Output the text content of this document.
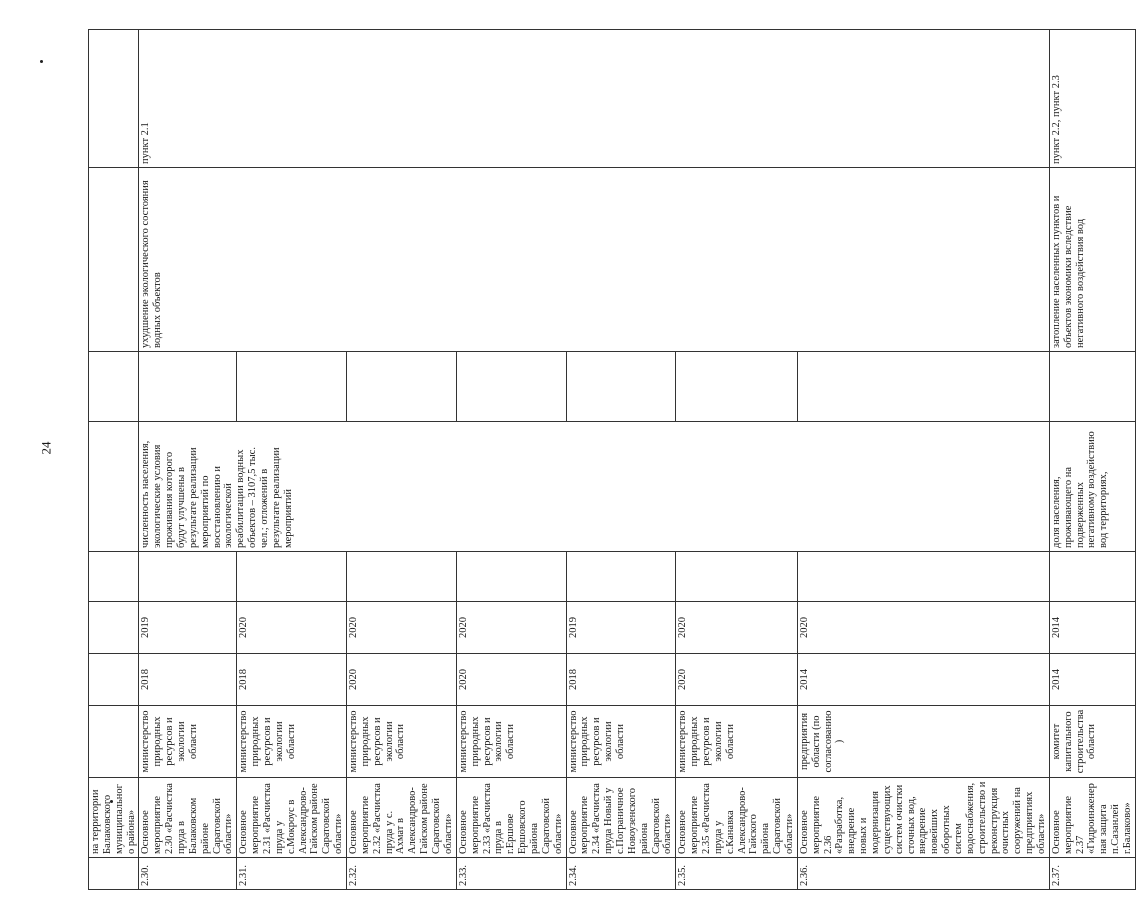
24
	на территории Балаковского муниципального района»								
2.30.	Основное мероприятие 2.30 «Расчистка пруда в Балаковском районе Саратовской области»	министерство природных ресурсов и экологии области	2018	2019		численность населения, экологические условия проживания которого будут улучшены в результате реализации мероприятий по восстановлению и экологической реабилитации водных объектов – 3107,5 тыс. чел.; отложений в результате реализации мероприятий		ухудшение экологического состояния водных объектов	пункт 2.1
2.31.	Основное мероприятие 2.31 «Расчистка пруда у с.Мокроус в Александрово-Гайском районе Саратовской области»	министерство природных ресурсов и экологии области	2018	2020					
2.32.	Основное мероприятие 2.32 «Расчистка пруда у с. Ахмат в Александрово-Гайском районе Саратовской области»	министерство природных ресурсов и экологии области	2020	2020					
2.33.	Основное мероприятие 2.33 «Расчистка пруда в г.Ершове Ершовского района Саратовской области»	министерство природных ресурсов и экологии области	2020	2020					
2.34.	Основное мероприятие 2.34 «Расчистка пруда Новый у с.Пограничное Новоузенского района Саратовской области»	министерство природных ресурсов и экологии области	2018	2019					
2.35.	Основное мероприятие 2.35 «Расчистка пруда у с.Канавка Александрово-Гайского района Саратовской области»	министерство природных ресурсов и экологии области	2020	2020					
2.36.	Основное мероприятие 2.36 «Разработка, внедрение новых и модернизация существующих систем очистки сточных вод, внедрение новейших оборотных систем водоснабжения, строительство и реконструкция очистных сооружений на предприятиях области»	предприятия области (по согласованию)	2014	2020					
2.37.	Основное мероприятие 2.37 «Гидроинженерная защита п.Сазанлей г.Балаково»	комитет капитального строительства области	2014	2014		доля населения, проживающего на подверженных негативному воздействию вод территориях,		затопление населенных пунктов и объектов экономики вследствие негативного воздействия вод	пункт 2.2, пункт 2.3
